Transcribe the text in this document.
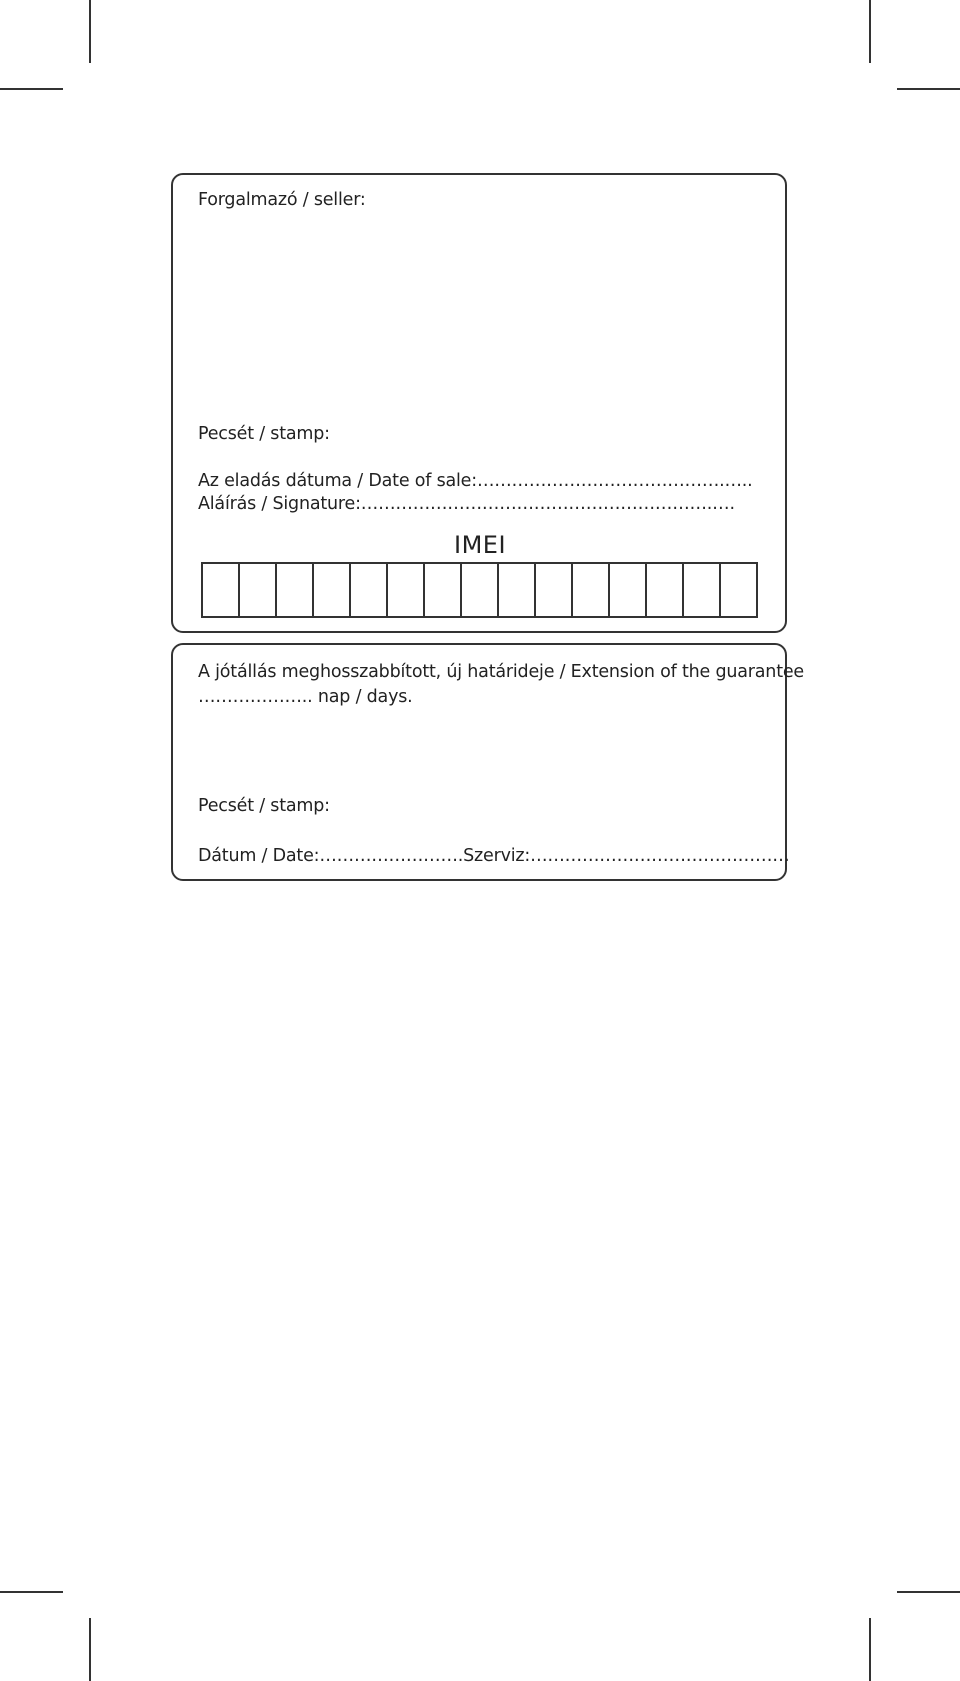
Forgalmazó / seller:
Pecsét / stamp:
Az eladás dátuma / Date of sale:…………………………………….…..
Aláírás / Signature:…………………………………………………….….
IMEI
A jótállás meghosszabbított, új határideje / Extension of the guarantee
……………….. nap / days.
Pecsét / stamp:
Dátum / Date:…………………….Szerviz:………………………………………
